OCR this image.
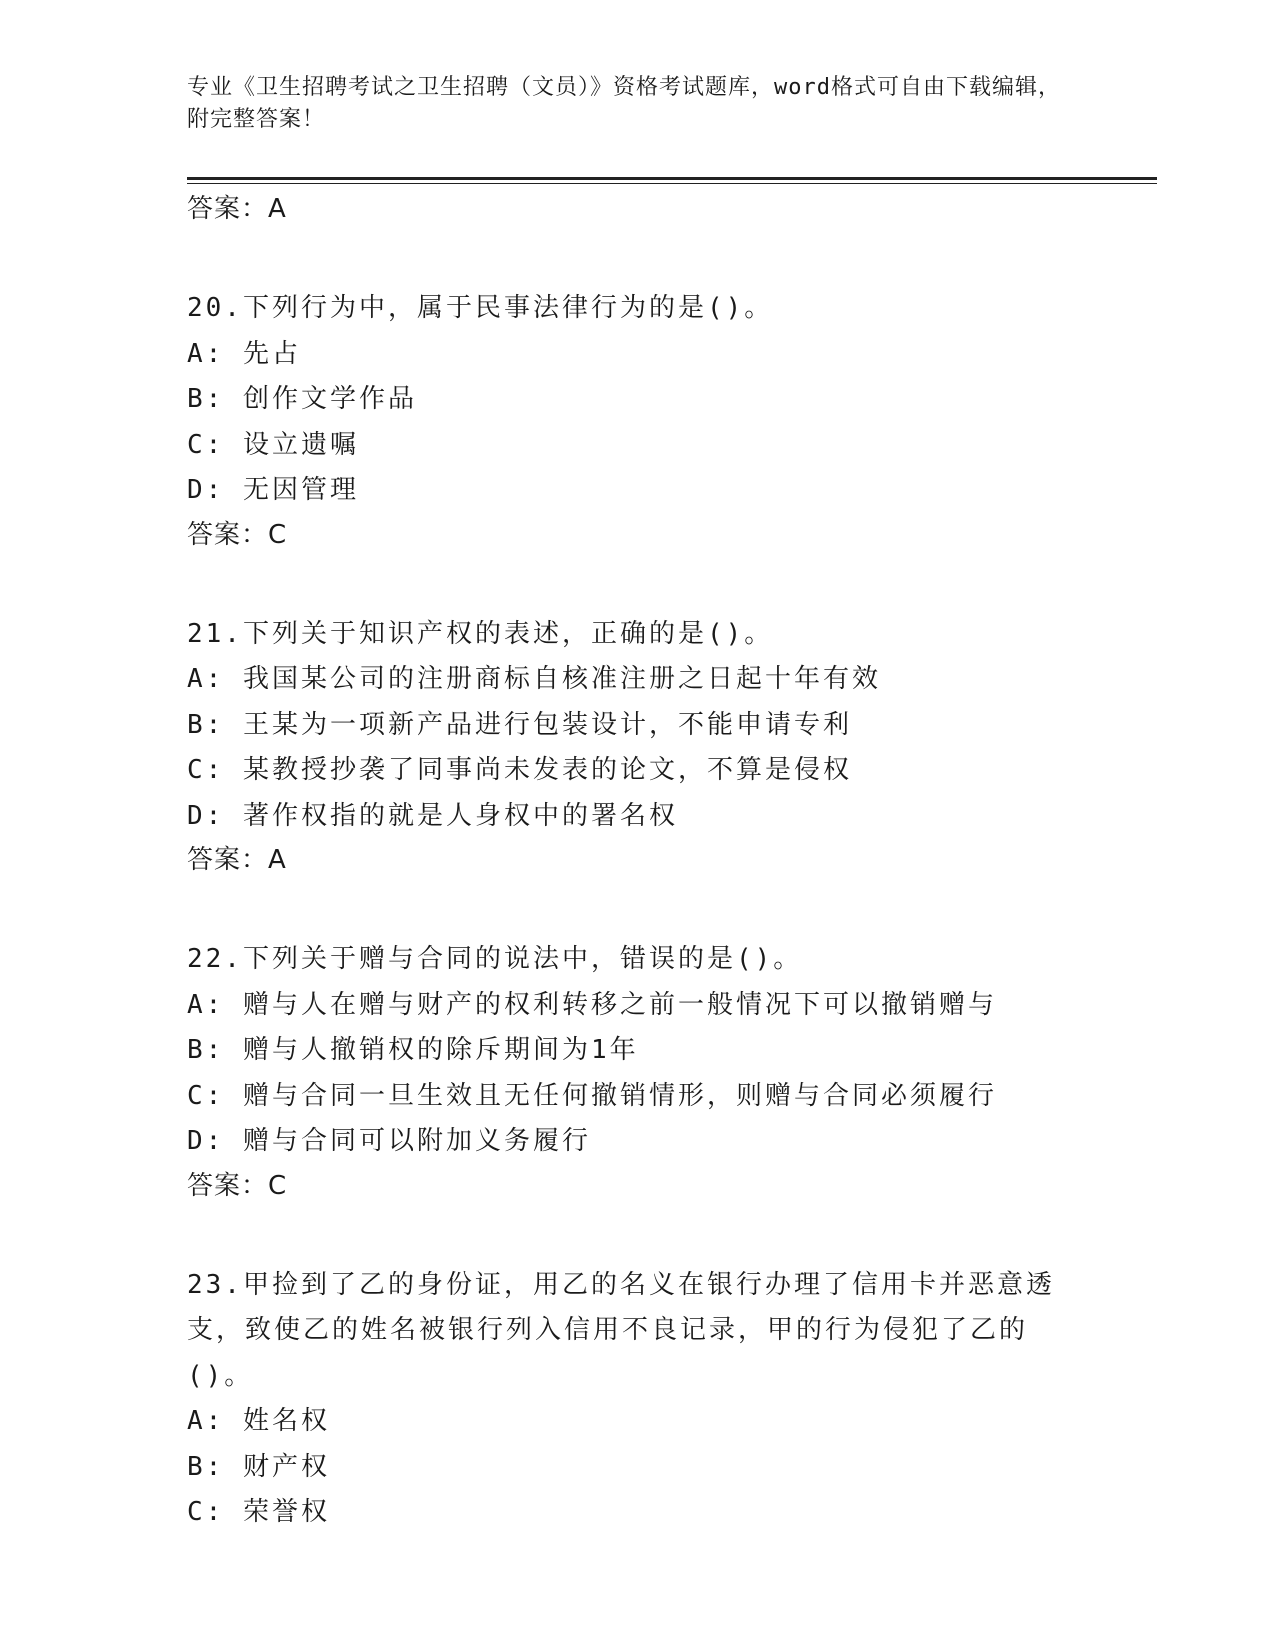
专业《卫生招聘考试之卫生招聘（文员）》资格考试题库，word格式可自由下载编辑，附完整答案！
答案：A
20.下列行为中，属于民事法律行为的是()。
A: 先占
B: 创作文学作品
C: 设立遗嘱
D: 无因管理
答案：C
21.下列关于知识产权的表述，正确的是()。
A: 我国某公司的注册商标自核准注册之日起十年有效
B: 王某为一项新产品进行包装设计，不能申请专利
C: 某教授抄袭了同事尚未发表的论文，不算是侵权
D: 著作权指的就是人身权中的署名权
答案：A
22.下列关于赠与合同的说法中，错误的是()。
A: 赠与人在赠与财产的权利转移之前一般情况下可以撤销赠与
B: 赠与人撤销权的除斥期间为1年
C: 赠与合同一旦生效且无任何撤销情形，则赠与合同必须履行
D: 赠与合同可以附加义务履行
答案：C
23.甲捡到了乙的身份证，用乙的名义在银行办理了信用卡并恶意透支，致使乙的姓名被银行列入信用不良记录，甲的行为侵犯了乙的()。
A: 姓名权
B: 财产权
C: 荣誉权
